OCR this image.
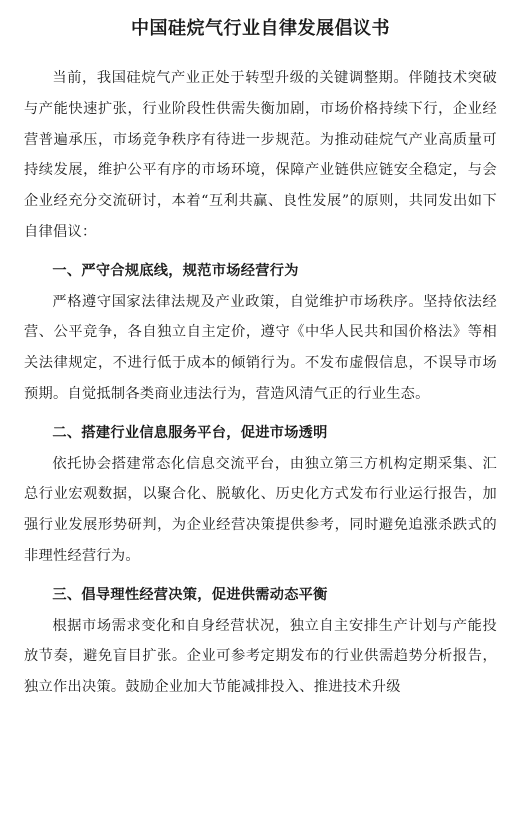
中国硅烷气行业自律发展倡议书

当前，我国硅烷气产业正处于转型升级的关键调整期。伴随技术突破与产能快速扩张，行业阶段性供需失衡加剧，市场价格持续下行，企业经营普遍承压，市场竞争秩序有待进一步规范。为推动硅烷气产业高质量可持续发展，维护公平有序的市场环境，保障产业链供应链安全稳定，与会企业经充分交流研讨，本着“互利共赢、良性发展”的原则，共同发出如下自律倡议：

一、严守合规底线，规范市场经营行为

严格遵守国家法律法规及产业政策，自觉维护市场秩序。坚持依法经营、公平竞争，各自独立自主定价，遵守《中华人民共和国价格法》等相关法律规定，不进行低于成本的倾销行为。不发布虚假信息，不误导市场预期。自觉抵制各类商业违法行为，营造风清气正的行业生态。

二、搭建行业信息服务平台，促进市场透明

依托协会搭建常态化信息交流平台，由独立第三方机构定期采集、汇总行业宏观数据，以聚合化、脱敏化、历史化方式发布行业运行报告，加强行业发展形势研判，为企业经营决策提供参考，同时避免追涨杀跌式的非理性经营行为。

三、倡导理性经营决策，促进供需动态平衡

根据市场需求变化和自身经营状况，独立自主安排生产计划与产能投放节奏，避免盲目扩张。企业可参考定期发布的行业供需趋势分析报告，独立作出决策。鼓励企业加大节能减排投入、推进技术升级
